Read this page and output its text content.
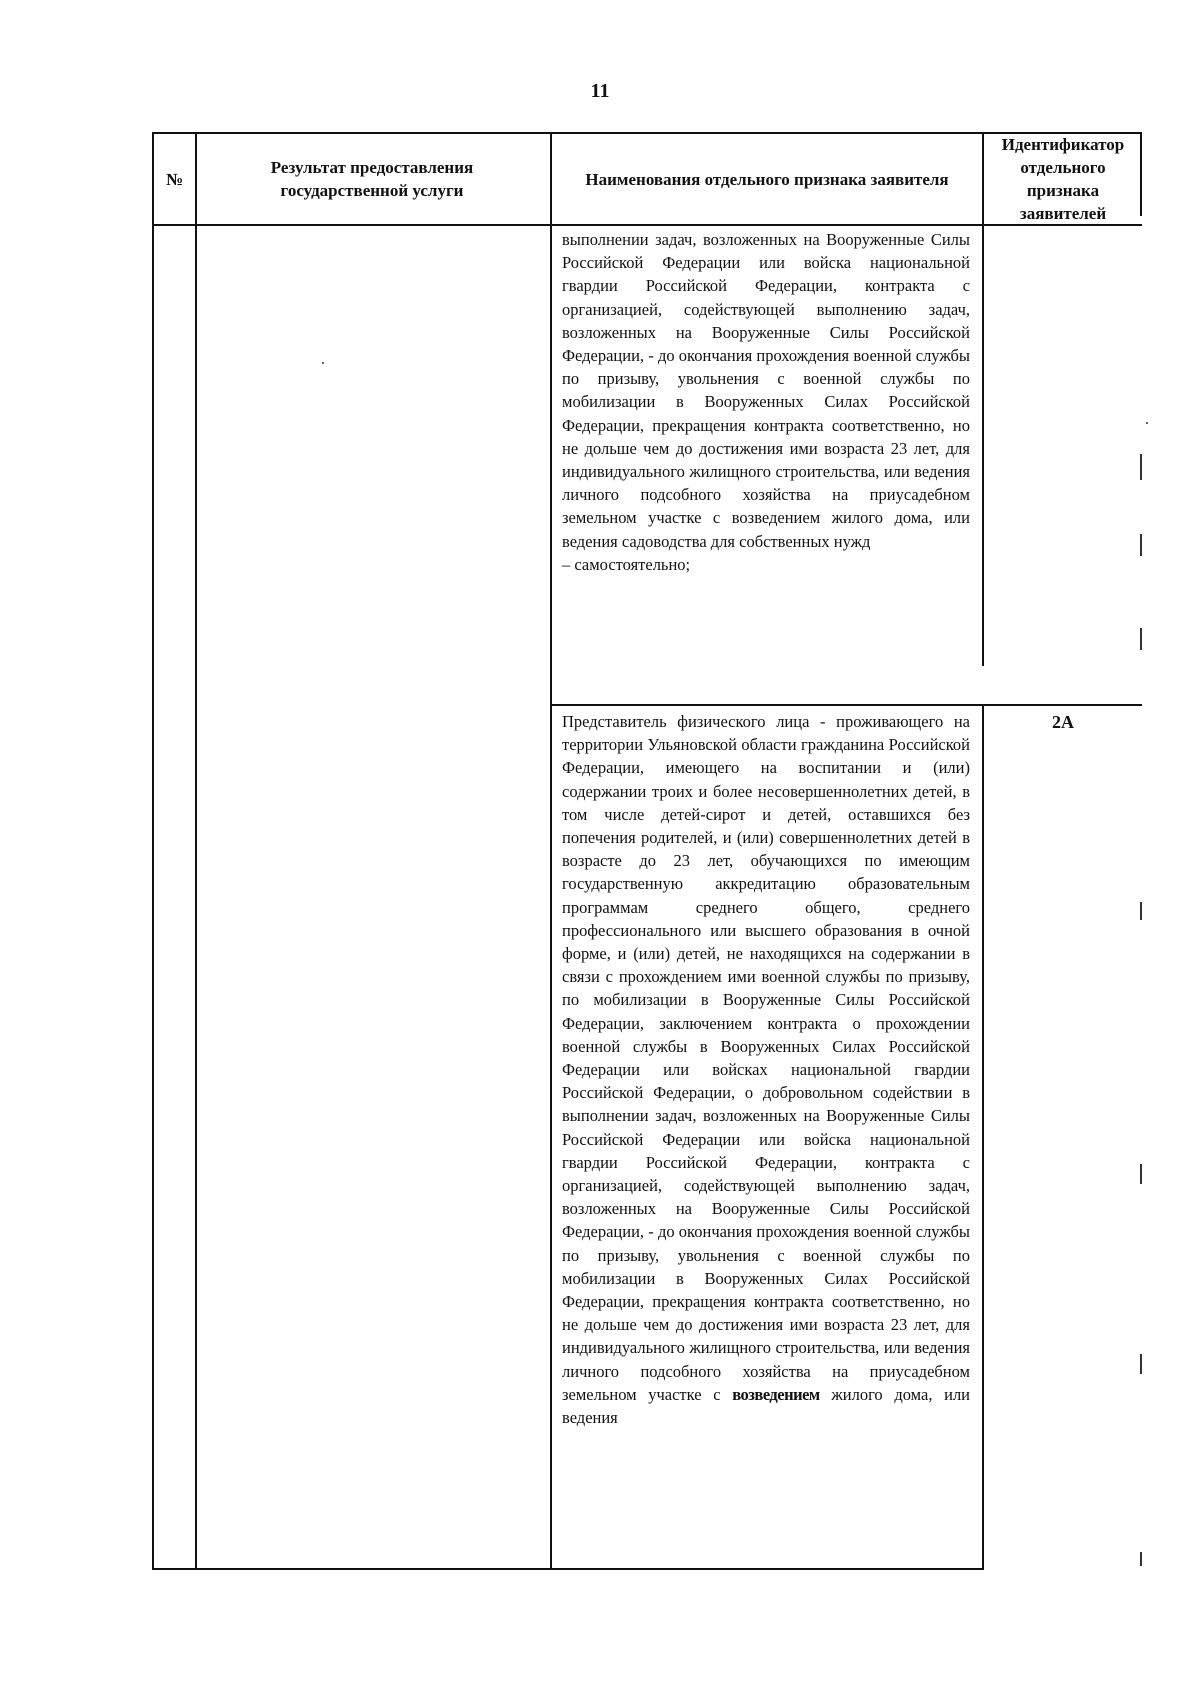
11
№
Результат предоставления государственной услуги
Наименования отдельного признака заявителя
Идентификатор отдельного признака заявителей
выполнении задач, возложенных на Вооруженные Силы Российской Федерации или войска национальной гвардии Российской Федерации, контракта с организацией, содействующей выполнению задач, возложенных на Вооруженные Силы Российской Федерации, - до окончания прохождения военной службы по призыву, увольнения с военной службы по мобилизации в Вооруженных Силах Российской Федерации, прекращения контракта соответственно, но не дольше чем до достижения ими возраста 23 лет, для индивидуального жилищного строительства, или ведения личного подсобного хозяйства на приусадебном земельном участке с возведением жилого дома, или ведения садоводства для собственных нужд
– самостоятельно;
Представитель физического лица - проживающего на территории Ульяновской области гражданина Российской Федерации, имеющего на воспитании и (или) содержании троих и более несовершеннолетних детей, в том числе детей-сирот и детей, оставшихся без попечения родителей, и (или) совершеннолетних детей в возрасте до 23 лет, обучающихся по имеющим государственную аккредитацию образовательным программам среднего общего, среднего профессионального или высшего образования в очной форме, и (или) детей, не находящихся на содержании в связи с прохождением ими военной службы по призыву, по мобилизации в Вооруженные Силы Российской Федерации, заключением контракта о прохождении военной службы в Вооруженных Силах Российской Федерации или войсках национальной гвардии Российской Федерации, о добровольном содействии в выполнении задач, возложенных на Вооруженные Силы Российской Федерации или войска национальной гвардии Российской Федерации, контракта с организацией, содействующей выполнению задач, возложенных на Вооруженные Силы Российской Федерации, - до окончания прохождения военной службы по призыву, увольнения с военной службы по мобилизации в Вооруженных Силах Российской Федерации, прекращения контракта соответственно, но не дольше чем до достижения ими возраста 23 лет, для индивидуального жилищного строительства, или ведения личного подсобного хозяйства на приусадебном земельном участке с возведением жилого дома, или ведения
2А
